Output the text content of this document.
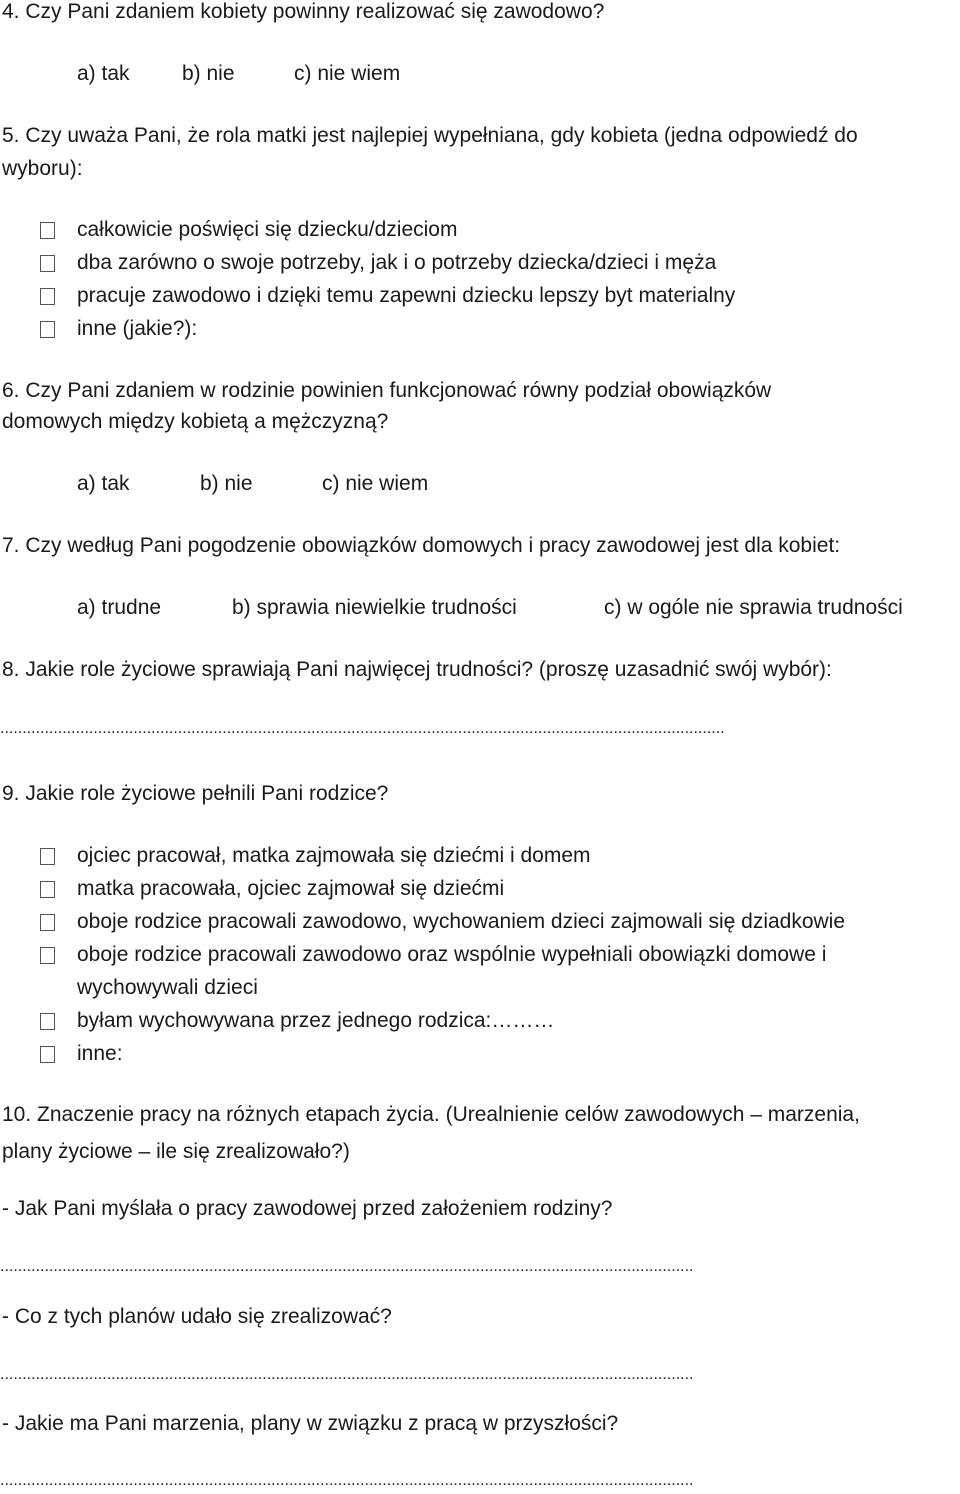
4. Czy Pani zdaniem kobiety powinny realizować się zawodowo?
a) tak b) nie	c) nie wiem
5. Czy uważa Pani, że rola matki jest najlepiej wypełniana, gdy kobieta (jedna odpowiedź do
wyboru):
całkowicie poświęci się dziecku/dzieciom
dba zarówno o swoje potrzeby, jak i o potrzeby dziecka/dzieci i męża
pracuje zawodowo i dzięki temu zapewni dziecku lepszy byt materialny
inne (jakie?):
6. Czy Pani zdaniem w rodzinie powinien funkcjonować równy podział obowiązków
domowych między kobietą a mężczyzną?
a) tak	b) nie	c) nie wiem
7. Czy według Pani pogodzenie obowiązków domowych i pracy zawodowej jest dla kobiet:
a) trudne	b) sprawia niewielkie trudności	c) w ogóle nie sprawia trudności
8. Jakie role życiowe sprawiają Pani najwięcej trudności? (proszę uzasadnić swój wybór):
...................................................................................................................................................................
9. Jakie role życiowe pełnili Pani rodzice?
ojciec pracował, matka zajmowała się dziećmi i domem
matka pracowała, ojciec zajmował się dziećmi
oboje rodzice pracowali zawodowo, wychowaniem dzieci zajmowali się dziadkowie
oboje rodzice pracowali zawodowo oraz wspólnie wypełniali obowiązki domowe i
wychowywali dzieci
byłam wychowywana przez jednego rodzica:………
inne:
10. Znaczenie pracy na różnych etapach życia. (Urealnienie celów zawodowych – marzenia,
plany życiowe – ile się zrealizowało?)
- Jak Pani myślała o pracy zawodowej przed założeniem rodziny?
............................................................................................................................................................
- Co z tych planów udało się zrealizować?
............................................................................................................................................................
- Jakie ma Pani marzenia, plany w związku z pracą w przyszłości?
............................................................................................................................................................
